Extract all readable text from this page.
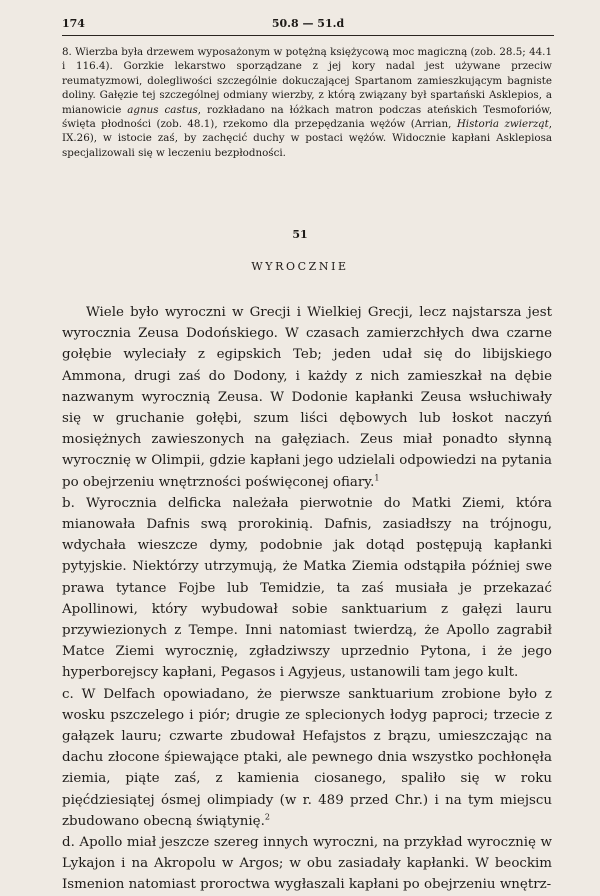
174	50.8 — 51.d

8. Wierzba była drzewem wyposażonym w potężną księżycową moc magiczną (zob. 28.5; 44.1 i 116.4). Gorzkie lekarstwo sporządzane z jej kory nadal jest używane przeciw reumatyzmowi, dolegliwości szczególnie dokuczającej Spartanom zamieszkującym bagniste doliny. Gałęzie tej szczególnej odmiany wierzby, z którą związany był spartański Asklepios, a mianowicie agnus castus, rozkładano na łóżkach matron podczas ateńskich Tesmoforiów, święta płodności (zob. 48.1), rzekomo dla przepędzania wężów (Arrian, Historia zwierząt, IX.26), w istocie zaś, by zachęcić duchy w postaci wężów. Widocznie kapłani Asklepiosa specjalizowali się w leczeniu bezpłodności.

51
WYROCZNIE

Wiele było wyroczni w Grecji i Wielkiej Grecji, lecz najstarsza jest wyrocznia Zeusa Dodońskiego. W czasach zamierzchłych dwa czarne gołębie wyleciały z egipskich Teb; jeden udał się do libijskiego Ammona, drugi zaś do Dodony, i każdy z nich zamieszkał na dębie nazwanym wyrocznią Zeusa. W Dodonie kapłanki Zeusa wsłuchiwały się w gruchanie gołębi, szum liści dębowych lub łoskot naczyń mosiężnych zawieszonych na gałęziach. Zeus miał ponadto słynną wyrocznię w Olimpii, gdzie kapłani jego udzielali odpowiedzi na pytania po obejrzeniu wnętrzności poświęconej ofiary.$^1$

b. Wyrocznia delficka należała pierwotnie do Matki Ziemi, która mianowała Dafnis swą prorokinią. Dafnis, zasiadłszy na trójnogu, wdychała wieszcze dymy, podobnie jak dotąd postępują kapłanki pytyjskie. Niektórzy utrzymują, że Matka Ziemia odstąpiła później swe prawa tytance Fojbe lub Temidzie, ta zaś musiała je przekazać Apollinowi, który wybudował sobie sanktuarium z gałęzi lauru przywiezionych z Tempe. Inni natomiast twierdzą, że Apollo zagrabił Matce Ziemi wyrocznię, zgładziwszy uprzednio Pytona, i że jego hyperborejscy kapłani, Pegasos i Agyjeus, ustanowili tam jego kult.

c. W Delfach opowiadano, że pierwsze sanktuarium zrobione było z wosku pszczelego i piór; drugie ze splecionych łodyg paproci; trzecie z gałązek lauru; czwarte zbudował Hefajstos z brązu, umieszczając na dachu złocone śpiewające ptaki, ale pewnego dnia wszystko pochłonęła ziemia, piąte zaś, z kamienia ciosanego, spaliło się w roku pięćdziesiątej ósmej olimpiady (w r. 489 przed Chr.) i na tym miejscu zbudowano obecną świątynię.$^2$

d. Apollo miał jeszcze szereg innych wyroczni, na przykład wyrocznię w Lykajon i na Akropolu w Argos; w obu zasiadały kapłanki. W beockim Ismenion natomiast proroctwa wygłaszali kapłani po obejrzeniu wnętrz-
